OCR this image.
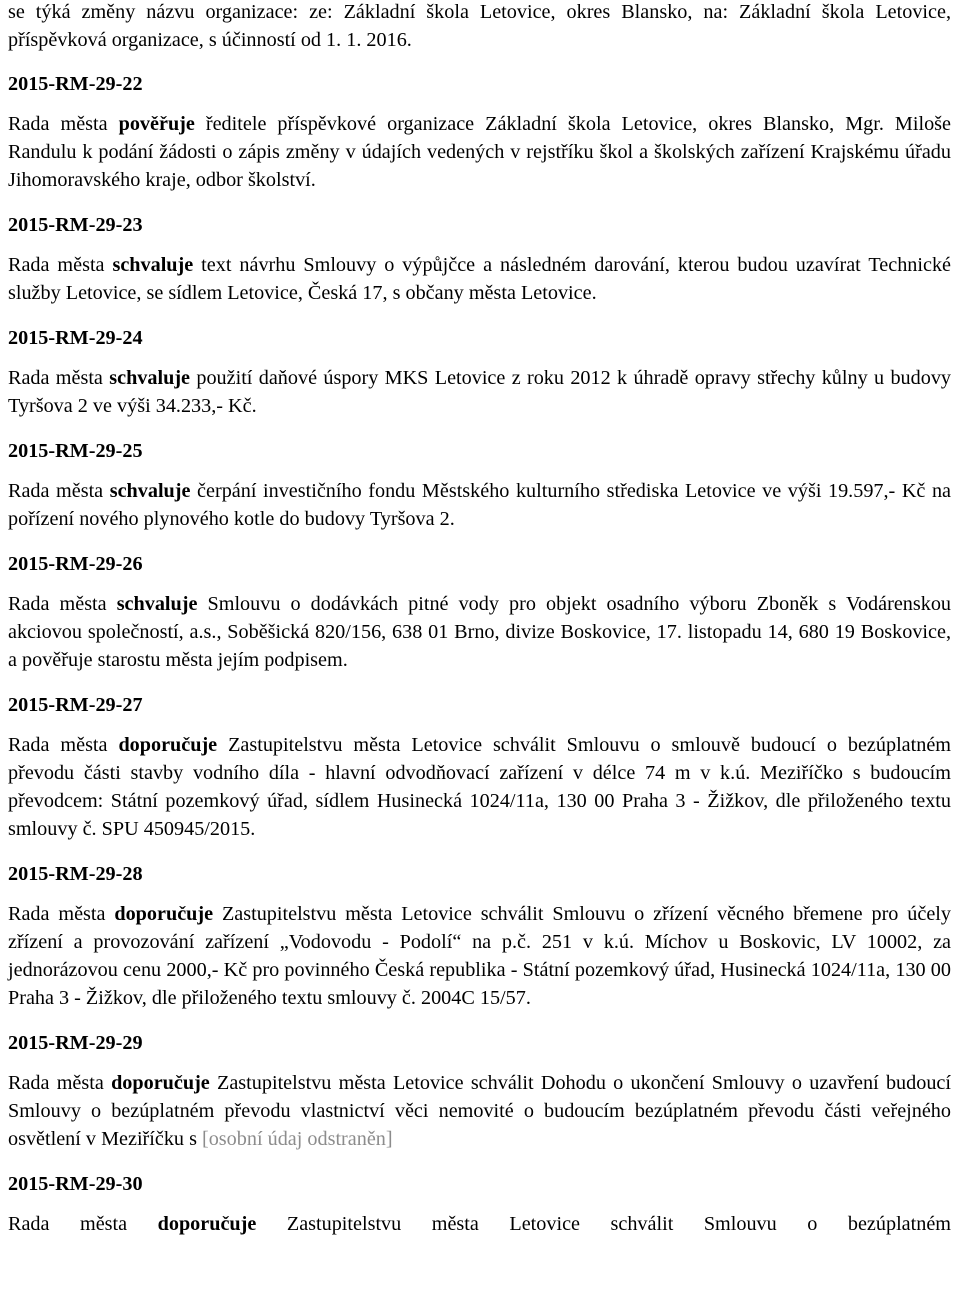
se týká změny názvu organizace: ze: Základní škola Letovice, okres Blansko, na: Základní škola Letovice, příspěvková organizace, s účinností od 1. 1. 2016.

2015-RM-29-22

Rada města pověřuje ředitele příspěvkové organizace Základní škola Letovice, okres Blansko, Mgr. Miloše Randulu k podání žádosti o zápis změny v údajích vedených v rejstříku škol a školských zařízení Krajskému úřadu Jihomoravského kraje, odbor školství.

2015-RM-29-23

Rada města schvaluje text návrhu Smlouvy o výpůjčce a následném darování, kterou budou uzavírat Technické služby Letovice, se sídlem Letovice, Česká 17, s občany města Letovice.

2015-RM-29-24

Rada města schvaluje použití daňové úspory MKS Letovice z roku 2012 k úhradě opravy střechy kůlny u budovy Tyršova 2 ve výši 34.233,- Kč.

2015-RM-29-25

Rada města schvaluje čerpání investičního fondu Městského kulturního střediska Letovice ve výši 19.597,- Kč na pořízení nového plynového kotle do budovy Tyršova 2.

2015-RM-29-26

Rada města schvaluje Smlouvu o dodávkách pitné vody pro objekt osadního výboru Zboněk s Vodárenskou akciovou společností, a.s., Soběšická 820/156, 638 01 Brno, divize Boskovice, 17. listopadu 14, 680 19 Boskovice, a pověřuje starostu města jejím podpisem.

2015-RM-29-27

Rada města doporučuje Zastupitelstvu města Letovice schválit Smlouvu o smlouvě budoucí o bezúplatném převodu části stavby vodního díla - hlavní odvodňovací zařízení v délce 74 m v k.ú. Meziříčko s budoucím převodcem: Státní pozemkový úřad, sídlem Husinecká 1024/11a, 130 00 Praha 3 - Žižkov, dle přiloženého textu smlouvy č. SPU 450945/2015.

2015-RM-29-28

Rada města doporučuje Zastupitelstvu města Letovice schválit Smlouvu o zřízení věcného břemene pro účely zřízení a provozování zařízení „Vodovodu - Podolí“ na p.č. 251 v k.ú. Míchov u Boskovic, LV 10002, za jednorázovou cenu 2000,- Kč pro povinného Česká republika - Státní pozemkový úřad, Husinecká 1024/11a, 130 00 Praha 3 - Žižkov, dle přiloženého textu smlouvy č. 2004C 15/57.

2015-RM-29-29

Rada města doporučuje Zastupitelstvu města Letovice schválit Dohodu o ukončení Smlouvy o uzavření budoucí Smlouvy o bezúplatném převodu vlastnictví věci nemovité o budoucím bezúplatném převodu části veřejného osvětlení v Meziříčku s [osobní údaj odstraněn]

2015-RM-29-30

Rada města doporučuje Zastupitelstvu města Letovice schválit Smlouvu o bezúplatném
